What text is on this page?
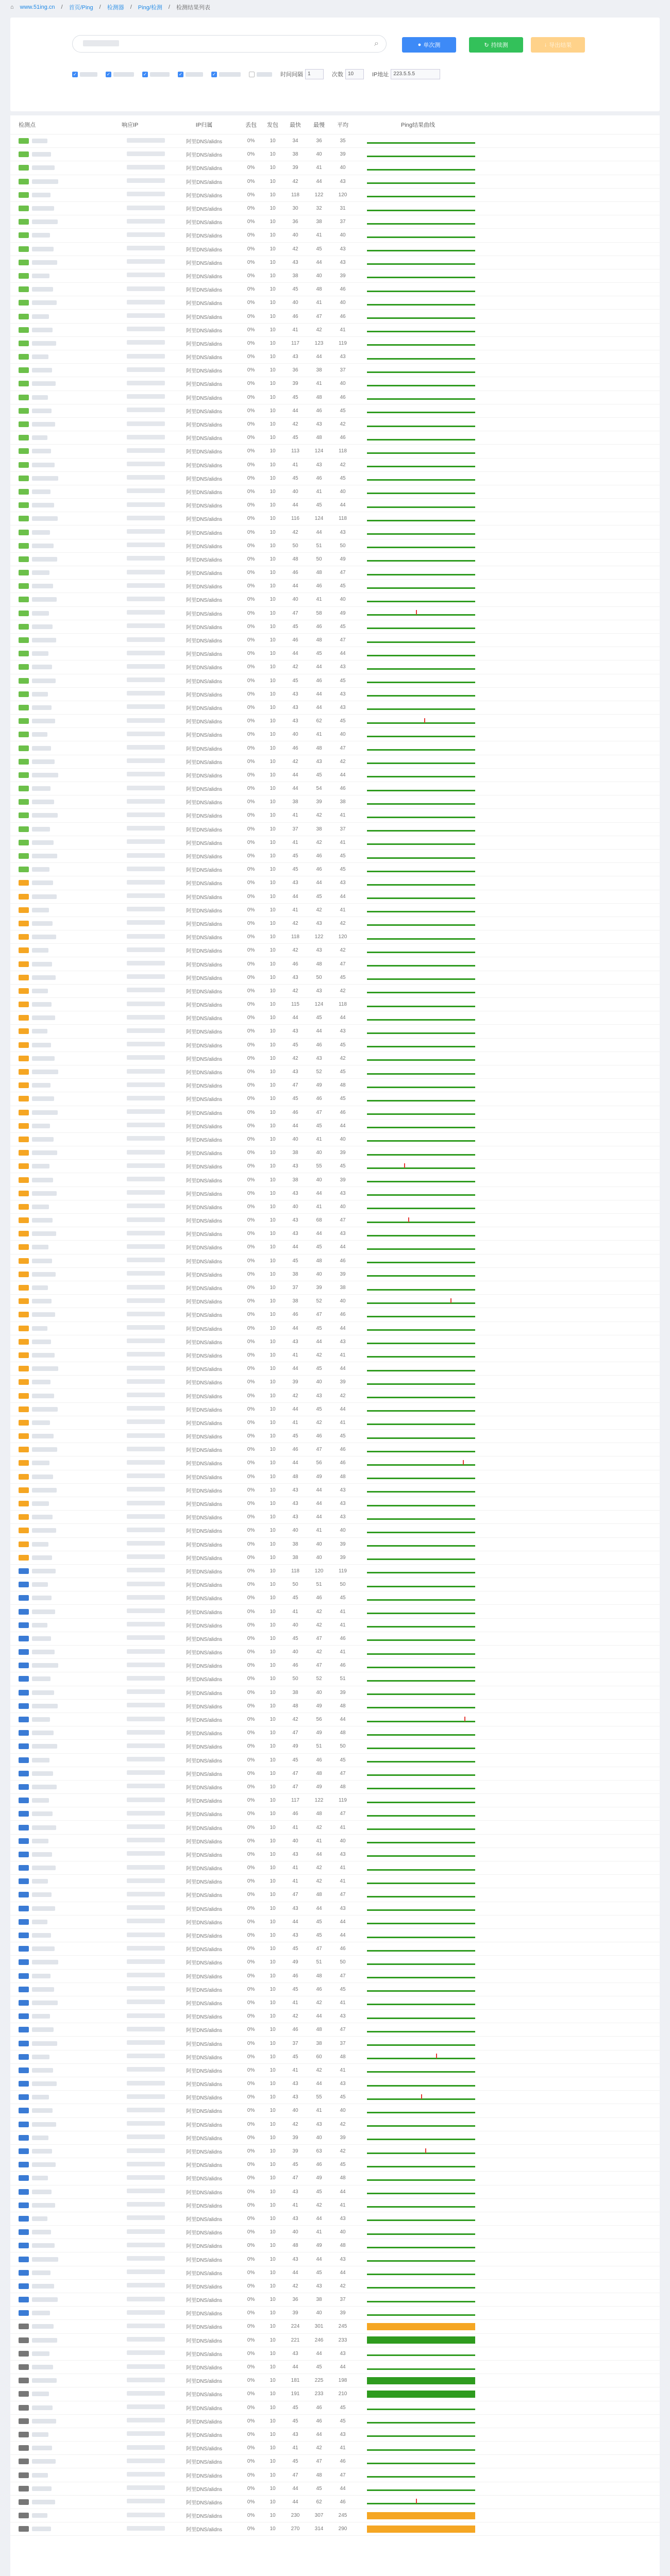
⌂ www.51ing.cn / 首页/Ping / 检测器 / Ping/检测 / 检测结果列表
⌕	● 单次测	↻ 持续测	↓ 导出结果
✓	✓	✓	✓	✓	时间间隔 1	次数 10	IP地址 223.5.5.5
检测点	响应IP	IP归属	丢包	发包	最快	最慢	平均	Ping结果曲线
阿里DNS/alidns	0%	10	34	36	35
阿里DNS/alidns	0%	10	38	40	39
阿里DNS/alidns	0%	10	39	41	40
阿里DNS/alidns	0%	10	42	44	43
阿里DNS/alidns	0%	10	118	122	120
阿里DNS/alidns	0%	10	30	32	31
阿里DNS/alidns	0%	10	36	38	37
阿里DNS/alidns	0%	10	40	41	40
阿里DNS/alidns	0%	10	42	45	43
阿里DNS/alidns	0%	10	43	44	43
阿里DNS/alidns	0%	10	38	40	39
阿里DNS/alidns	0%	10	45	48	46
阿里DNS/alidns	0%	10	40	41	40
阿里DNS/alidns	0%	10	46	47	46
阿里DNS/alidns	0%	10	41	42	41
阿里DNS/alidns	0%	10	117	123	119
阿里DNS/alidns	0%	10	43	44	43
阿里DNS/alidns	0%	10	36	38	37
阿里DNS/alidns	0%	10	39	41	40
阿里DNS/alidns	0%	10	45	48	46
阿里DNS/alidns	0%	10	44	46	45
阿里DNS/alidns	0%	10	42	43	42
阿里DNS/alidns	0%	10	45	48	46
阿里DNS/alidns	0%	10	113	124	118
阿里DNS/alidns	0%	10	41	43	42
阿里DNS/alidns	0%	10	45	46	45
阿里DNS/alidns	0%	10	40	41	40
阿里DNS/alidns	0%	10	44	45	44
阿里DNS/alidns	0%	10	116	124	118
阿里DNS/alidns	0%	10	42	44	43
阿里DNS/alidns	0%	10	50	51	50
阿里DNS/alidns	0%	10	48	50	49
阿里DNS/alidns	0%	10	46	48	47
阿里DNS/alidns	0%	10	44	46	45
阿里DNS/alidns	0%	10	40	41	40
阿里DNS/alidns	0%	10	47	58	49
阿里DNS/alidns	0%	10	45	46	45
阿里DNS/alidns	0%	10	46	48	47
阿里DNS/alidns	0%	10	44	45	44
阿里DNS/alidns	0%	10	42	44	43
阿里DNS/alidns	0%	10	45	46	45
阿里DNS/alidns	0%	10	43	44	43
阿里DNS/alidns	0%	10	43	44	43
阿里DNS/alidns	0%	10	43	62	45
阿里DNS/alidns	0%	10	40	41	40
阿里DNS/alidns	0%	10	46	48	47
阿里DNS/alidns	0%	10	42	43	42
阿里DNS/alidns	0%	10	44	45	44
阿里DNS/alidns	0%	10	44	54	46
阿里DNS/alidns	0%	10	38	39	38
阿里DNS/alidns	0%	10	41	42	41
阿里DNS/alidns	0%	10	37	38	37
阿里DNS/alidns	0%	10	41	42	41
阿里DNS/alidns	0%	10	45	46	45
阿里DNS/alidns	0%	10	45	46	45
阿里DNS/alidns	0%	10	43	44	43
阿里DNS/alidns	0%	10	44	45	44
阿里DNS/alidns	0%	10	41	42	41
阿里DNS/alidns	0%	10	42	43	42
阿里DNS/alidns	0%	10	118	122	120
阿里DNS/alidns	0%	10	42	43	42
阿里DNS/alidns	0%	10	46	48	47
阿里DNS/alidns	0%	10	43	50	45
阿里DNS/alidns	0%	10	42	43	42
阿里DNS/alidns	0%	10	115	124	118
阿里DNS/alidns	0%	10	44	45	44
阿里DNS/alidns	0%	10	43	44	43
阿里DNS/alidns	0%	10	45	46	45
阿里DNS/alidns	0%	10	42	43	42
阿里DNS/alidns	0%	10	43	52	45
阿里DNS/alidns	0%	10	47	49	48
阿里DNS/alidns	0%	10	45	46	45
阿里DNS/alidns	0%	10	46	47	46
阿里DNS/alidns	0%	10	44	45	44
阿里DNS/alidns	0%	10	40	41	40
阿里DNS/alidns	0%	10	38	40	39
阿里DNS/alidns	0%	10	43	55	45
阿里DNS/alidns	0%	10	38	40	39
阿里DNS/alidns	0%	10	43	44	43
阿里DNS/alidns	0%	10	40	41	40
阿里DNS/alidns	0%	10	43	68	47
阿里DNS/alidns	0%	10	43	44	43
阿里DNS/alidns	0%	10	44	45	44
阿里DNS/alidns	0%	10	45	48	46
阿里DNS/alidns	0%	10	38	40	39
阿里DNS/alidns	0%	10	37	39	38
阿里DNS/alidns	0%	10	38	52	40
阿里DNS/alidns	0%	10	46	47	46
阿里DNS/alidns	0%	10	44	45	44
阿里DNS/alidns	0%	10	43	44	43
阿里DNS/alidns	0%	10	41	42	41
阿里DNS/alidns	0%	10	44	45	44
阿里DNS/alidns	0%	10	39	40	39
阿里DNS/alidns	0%	10	42	43	42
阿里DNS/alidns	0%	10	44	45	44
阿里DNS/alidns	0%	10	41	42	41
阿里DNS/alidns	0%	10	45	46	45
阿里DNS/alidns	0%	10	46	47	46
阿里DNS/alidns	0%	10	44	56	46
阿里DNS/alidns	0%	10	48	49	48
阿里DNS/alidns	0%	10	43	44	43
阿里DNS/alidns	0%	10	43	44	43
阿里DNS/alidns	0%	10	43	44	43
阿里DNS/alidns	0%	10	40	41	40
阿里DNS/alidns	0%	10	38	40	39
阿里DNS/alidns	0%	10	38	40	39
阿里DNS/alidns	0%	10	118	120	119
阿里DNS/alidns	0%	10	50	51	50
阿里DNS/alidns	0%	10	45	46	45
阿里DNS/alidns	0%	10	41	42	41
阿里DNS/alidns	0%	10	40	42	41
阿里DNS/alidns	0%	10	45	47	46
阿里DNS/alidns	0%	10	40	42	41
阿里DNS/alidns	0%	10	46	47	46
阿里DNS/alidns	0%	10	50	52	51
阿里DNS/alidns	0%	10	38	40	39
阿里DNS/alidns	0%	10	48	49	48
阿里DNS/alidns	0%	10	42	56	44
阿里DNS/alidns	0%	10	47	49	48
阿里DNS/alidns	0%	10	49	51	50
阿里DNS/alidns	0%	10	45	46	45
阿里DNS/alidns	0%	10	47	48	47
阿里DNS/alidns	0%	10	47	49	48
阿里DNS/alidns	0%	10	117	122	119
阿里DNS/alidns	0%	10	46	48	47
阿里DNS/alidns	0%	10	41	42	41
阿里DNS/alidns	0%	10	40	41	40
阿里DNS/alidns	0%	10	43	44	43
阿里DNS/alidns	0%	10	41	42	41
阿里DNS/alidns	0%	10	41	42	41
阿里DNS/alidns	0%	10	47	48	47
阿里DNS/alidns	0%	10	43	44	43
阿里DNS/alidns	0%	10	44	45	44
阿里DNS/alidns	0%	10	43	45	44
阿里DNS/alidns	0%	10	45	47	46
阿里DNS/alidns	0%	10	49	51	50
阿里DNS/alidns	0%	10	46	48	47
阿里DNS/alidns	0%	10	45	46	45
阿里DNS/alidns	0%	10	41	42	41
阿里DNS/alidns	0%	10	42	44	43
阿里DNS/alidns	0%	10	46	48	47
阿里DNS/alidns	0%	10	37	38	37
阿里DNS/alidns	0%	10	45	60	48
阿里DNS/alidns	0%	10	41	42	41
阿里DNS/alidns	0%	10	43	44	43
阿里DNS/alidns	0%	10	43	55	45
阿里DNS/alidns	0%	10	40	41	40
阿里DNS/alidns	0%	10	42	43	42
阿里DNS/alidns	0%	10	39	40	39
阿里DNS/alidns	0%	10	39	63	42
阿里DNS/alidns	0%	10	45	46	45
阿里DNS/alidns	0%	10	47	49	48
阿里DNS/alidns	0%	10	43	45	44
阿里DNS/alidns	0%	10	41	42	41
阿里DNS/alidns	0%	10	43	44	43
阿里DNS/alidns	0%	10	40	41	40
阿里DNS/alidns	0%	10	48	49	48
阿里DNS/alidns	0%	10	43	44	43
阿里DNS/alidns	0%	10	44	45	44
阿里DNS/alidns	0%	10	42	43	42
阿里DNS/alidns	0%	10	36	38	37
阿里DNS/alidns	0%	10	39	40	39
阿里DNS/alidns	0%	10	224	301	245
阿里DNS/alidns	0%	10	221	246	233
阿里DNS/alidns	0%	10	43	44	43
阿里DNS/alidns	0%	10	44	45	44
阿里DNS/alidns	0%	10	181	225	198
阿里DNS/alidns	0%	10	191	233	210
阿里DNS/alidns	0%	10	45	46	45
阿里DNS/alidns	0%	10	45	46	45
阿里DNS/alidns	0%	10	43	44	43
阿里DNS/alidns	0%	10	41	42	41
阿里DNS/alidns	0%	10	45	47	46
阿里DNS/alidns	0%	10	47	48	47
阿里DNS/alidns	0%	10	44	45	44
阿里DNS/alidns	0%	10	44	62	46
阿里DNS/alidns	0%	10	230	307	245
阿里DNS/alidns	0%	10	270	314	290
